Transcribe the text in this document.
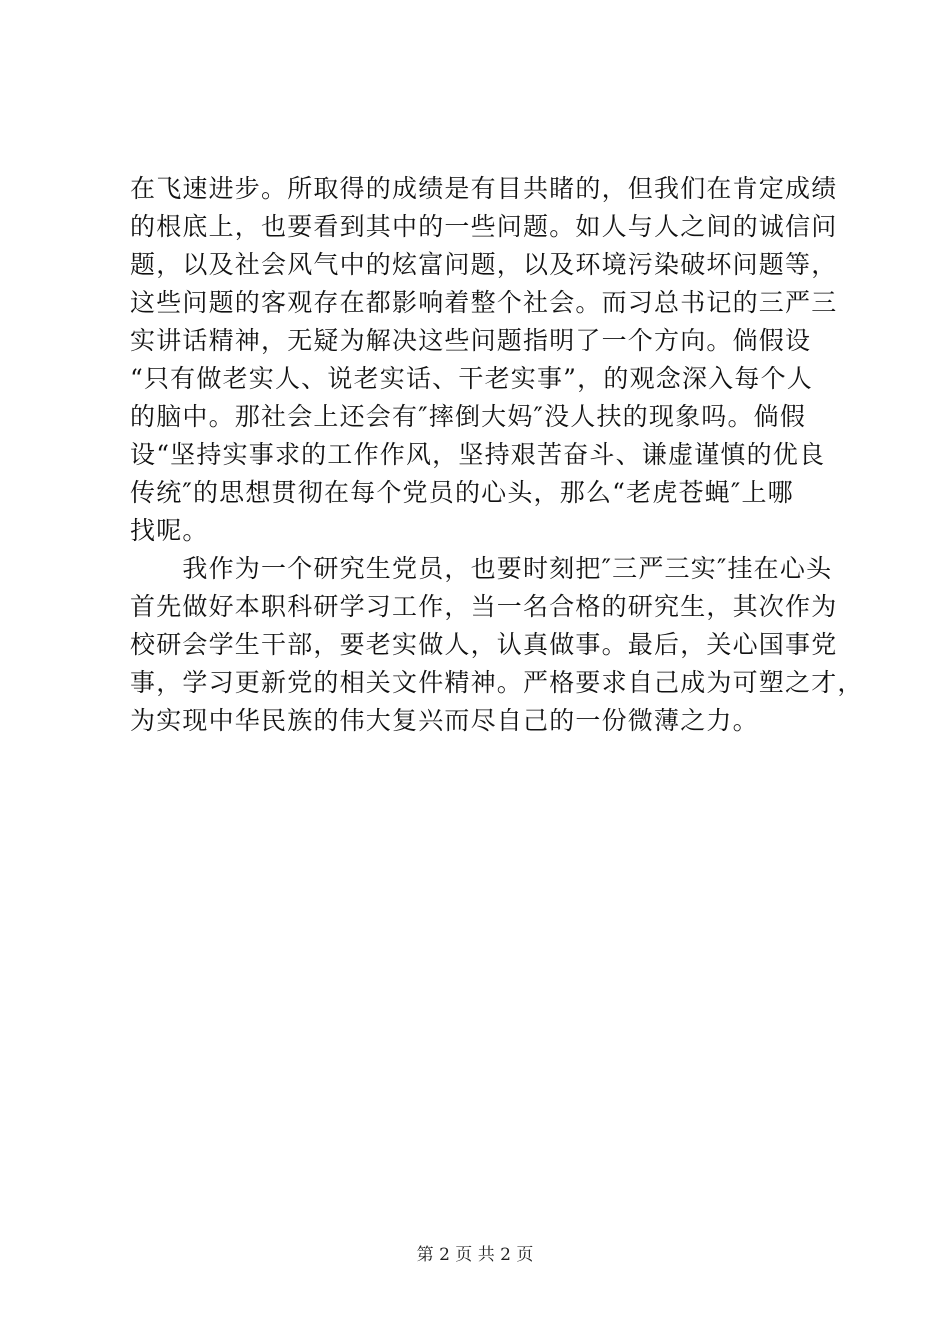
在飞速进步。所取得的成绩是有目共睹的，但我们在肯定成绩
的根底上，也要看到其中的一些问题。如人与人之间的诚信问
题，以及社会风气中的炫富问题，以及环境污染破坏问题等，
这些问题的客观存在都影响着整个社会。而习总书记的三严三
实讲话精神，无疑为解决这些问题指明了一个方向。倘假设
“只有做老实人、说老实话、干老实事”，的观念深入每个人
的脑中。那社会上还会有″摔倒大妈″没人扶的现象吗。倘假
设“坚持实事求的工作作风，坚持艰苦奋斗、谦虚谨慎的优良
传统″的思想贯彻在每个党员的心头，那么“老虎苍蝇″上哪
找呢。
　　我作为一个研究生党员，也要时刻把″三严三实″挂在心头
首先做好本职科研学习工作，当一名合格的研究生，其次作为
校研会学生干部，要老实做人，认真做事。最后，关心国事党
事，学习更新党的相关文件精神。严格要求自己成为可塑之才，
为实现中华民族的伟大复兴而尽自己的一份微薄之力。
第 2 页 共 2 页
